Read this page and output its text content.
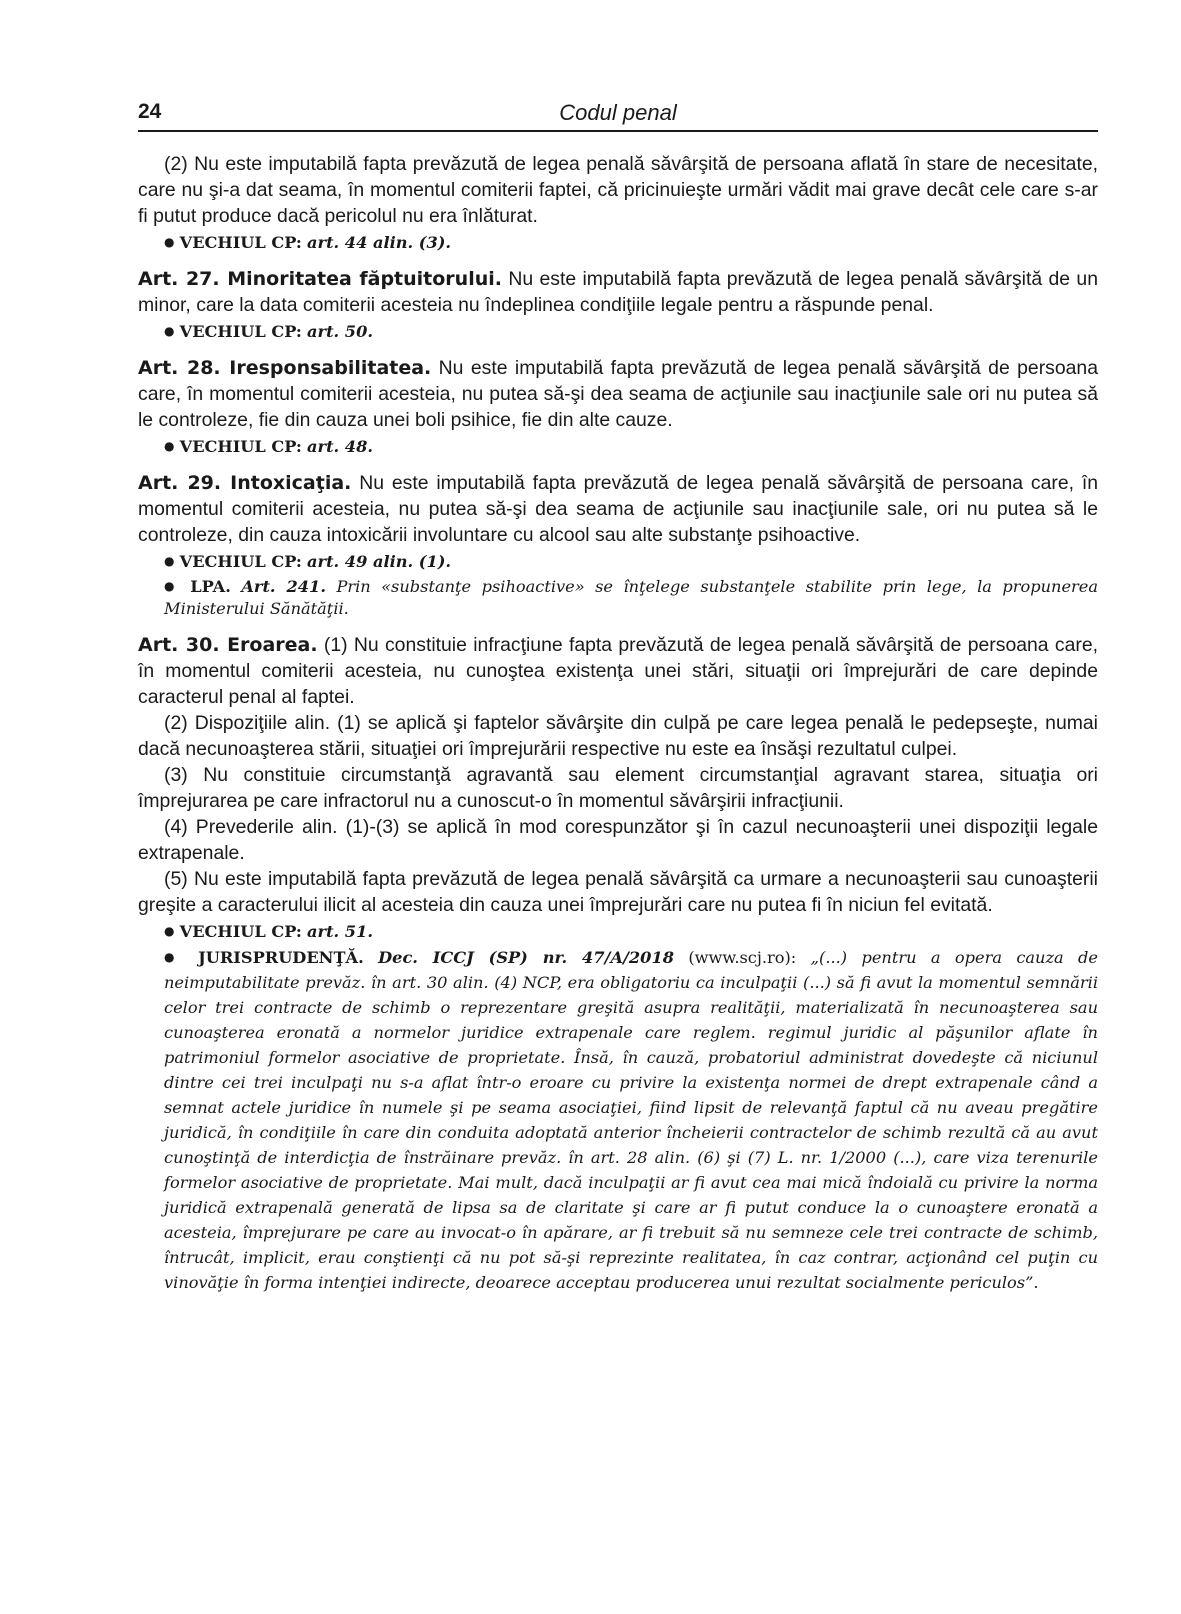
24	Codul penal

(2) Nu este imputabilă fapta prevăzută de legea penală săvârşită de persoana aflată în stare de necesitate, care nu şi-a dat seama, în momentul comiterii faptei, că pricinuieşte urmări vădit mai grave decât cele care s-ar fi putut produce dacă pericolul nu era înlăturat.

● VECHIUL CP: art. 44 alin. (3).

Art. 27. Minoritatea făptuitorului. Nu este imputabilă fapta prevăzută de legea penală săvârşită de un minor, care la data comiterii acesteia nu îndeplinea condiţiile legale pentru a răspunde penal.

● VECHIUL CP: art. 50.

Art. 28. Iresponsabilitatea. Nu este imputabilă fapta prevăzută de legea penală săvârşită de persoana care, în momentul comiterii acesteia, nu putea să-şi dea seama de acţiunile sau inacţiunile sale ori nu putea să le controleze, fie din cauza unei boli psihice, fie din alte cauze.

● VECHIUL CP: art. 48.

Art. 29. Intoxicaţia. Nu este imputabilă fapta prevăzută de legea penală săvârşită de persoana care, în momentul comiterii acesteia, nu putea să-şi dea seama de acţiunile sau inacţiunile sale, ori nu putea să le controleze, din cauza intoxicării involuntare cu alcool sau alte substanţe psihoactive.

● VECHIUL CP: art. 49 alin. (1).

● LPA. Art. 241. Prin «substanţe psihoactive» se înţelege substanţele stabilite prin lege, la propunerea Ministerului Sănătăţii.

Art. 30. Eroarea. (1) Nu constituie infracţiune fapta prevăzută de legea penală săvârşită de persoana care, în momentul comiterii acesteia, nu cunoştea existenţa unei stări, situaţii ori împrejurări de care depinde caracterul penal al faptei.

(2) Dispoziţiile alin. (1) se aplică şi faptelor săvârşite din culpă pe care legea penală le pedepseşte, numai dacă necunoaşterea stării, situaţiei ori împrejurării respective nu este ea însăşi rezultatul culpei.

(3) Nu constituie circumstanţă agravantă sau element circumstanţial agravant starea, situaţia ori împrejurarea pe care infractorul nu a cunoscut-o în momentul săvârşirii infracţiunii.

(4) Prevederile alin. (1)-(3) se aplică în mod corespunzător şi în cazul necunoaşterii unei dispoziţii legale extrapenale.

(5) Nu este imputabilă fapta prevăzută de legea penală săvârşită ca urmare a necunoaşterii sau cunoaşterii greşite a caracterului ilicit al acesteia din cauza unei împrejurări care nu putea fi în niciun fel evitată.

● VECHIUL CP: art. 51.

● JURISPRUDENŢĂ. Dec. ICCJ (SP) nr. 47/A/2018 (www.scj.ro): „(...) pentru a opera cauza de neimputabilitate prevăz. în art. 30 alin. (4) NCP, era obligatoriu ca inculpaţii (...) să fi avut la momentul semnării celor trei contracte de schimb o reprezentare greşită asupra realităţii, materializată în necunoaşterea sau cunoaşterea eronată a normelor juridice extrapenale care reglem. regimul juridic al păşunilor aflate în patrimoniul formelor asociative de proprietate. Însă, în cauză, probatoriul administrat dovedeşte că niciunul dintre cei trei inculpaţi nu s-a aflat într-o eroare cu privire la existenţa normei de drept extrapenale când a semnat actele juridice în numele şi pe seama asociaţiei, fiind lipsit de relevanţă faptul că nu aveau pregătire juridică, în condiţiile în care din conduita adoptată anterior încheierii contractelor de schimb rezultă că au avut cunoştinţă de interdicţia de înstrăinare prevăz. în art. 28 alin. (6) şi (7) L. nr. 1/2000 (...), care viza terenurile formelor asociative de proprietate. Mai mult, dacă inculpaţii ar fi avut cea mai mică îndoială cu privire la norma juridică extrapenală generată de lipsa sa de claritate şi care ar fi putut conduce la o cunoaştere eronată a acesteia, împrejurare pe care au invocat-o în apărare, ar fi trebuit să nu semneze cele trei contracte de schimb, întrucât, implicit, erau conştienţi că nu pot să-şi reprezinte realitatea, în caz contrar, acţionând cel puţin cu vinovăţie în forma intenţiei indirecte, deoarece acceptau producerea unui rezultat socialmente periculos”.
